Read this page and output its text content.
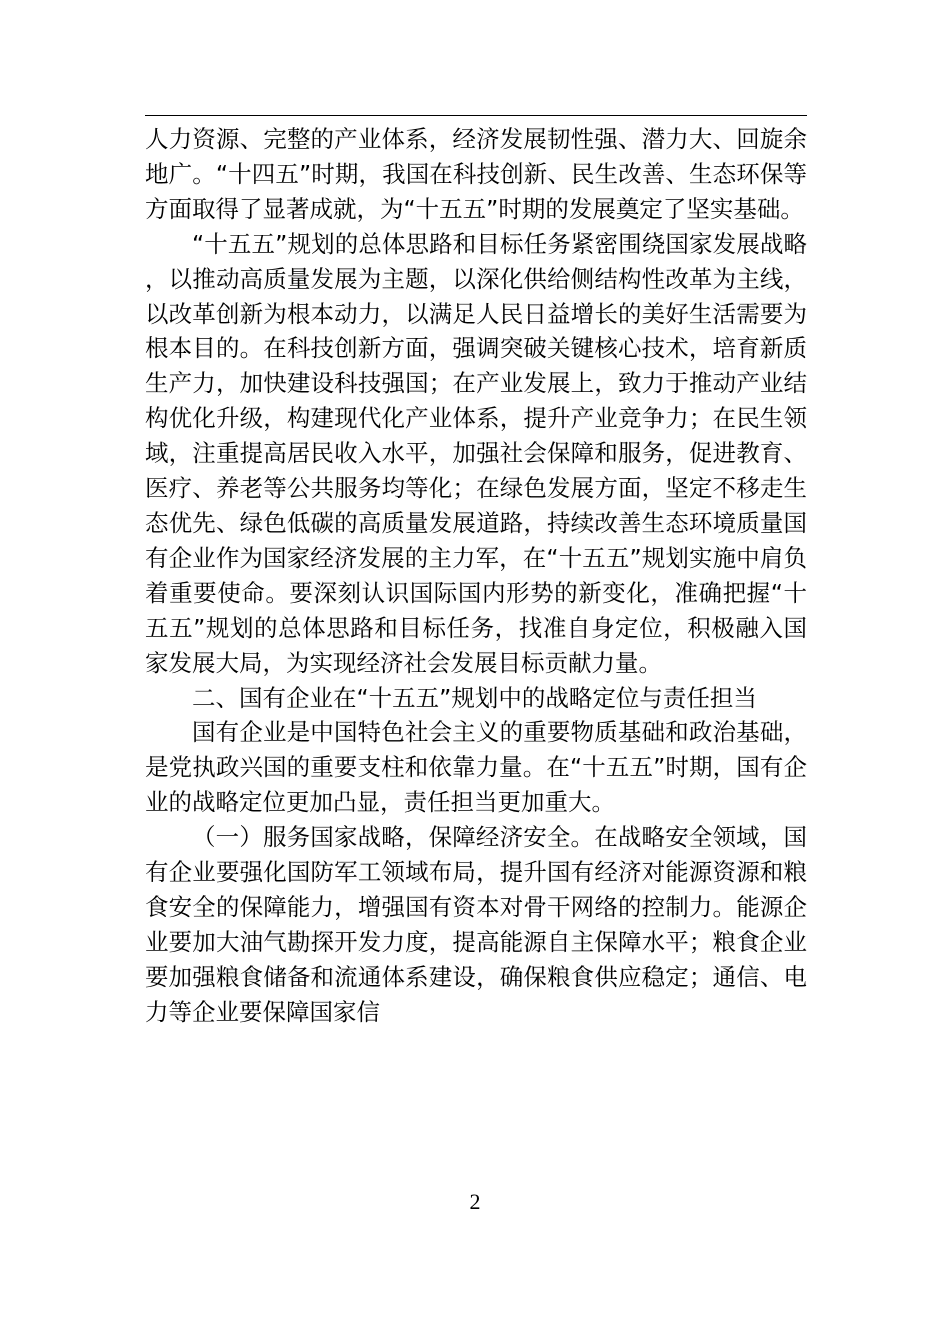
人力资源、完整的产业体系，经济发展韧性强、潜力大、回旋余地广。“十四五”时期，我国在科技创新、民生改善、生态环保等方面取得了显著成就，为“十五五”时期的发展奠定了坚实基础。

“十五五”规划的总体思路和目标任务紧密围绕国家发展战略，以推动高质量发展为主题，以深化供给侧结构性改革为主线，以改革创新为根本动力，以满足人民日益增长的美好生活需要为根本目的。在科技创新方面，强调突破关键核心技术，培育新质生产力，加快建设科技强国；在产业发展上，致力于推动产业结构优化升级，构建现代化产业体系，提升产业竞争力；在民生领域，注重提高居民收入水平，加强社会保障和服务，促进教育、医疗、养老等公共服务均等化；在绿色发展方面，坚定不移走生态优先、绿色低碳的高质量发展道路，持续改善生态环境质量国有企业作为国家经济发展的主力军，在“十五五”规划实施中肩负着重要使命。要深刻认识国际国内形势的新变化，准确把握“十五五”规划的总体思路和目标任务，找准自身定位，积极融入国家发展大局，为实现经济社会发展目标贡献力量。

二、国有企业在“十五五”规划中的战略定位与责任担当

国有企业是中国特色社会主义的重要物质基础和政治基础，是党执政兴国的重要支柱和依靠力量。在“十五五”时期，国有企业的战略定位更加凸显，责任担当更加重大。

（一）服务国家战略，保障经济安全。在战略安全领域，国有企业要强化国防军工领域布局，提升国有经济对能源资源和粮食安全的保障能力，增强国有资本对骨干网络的控制力。能源企业要加大油气勘探开发力度，提高能源自主保障水平；粮食企业要加强粮食储备和流通体系建设，确保粮食供应稳定；通信、电力等企业要保障国家信

2
